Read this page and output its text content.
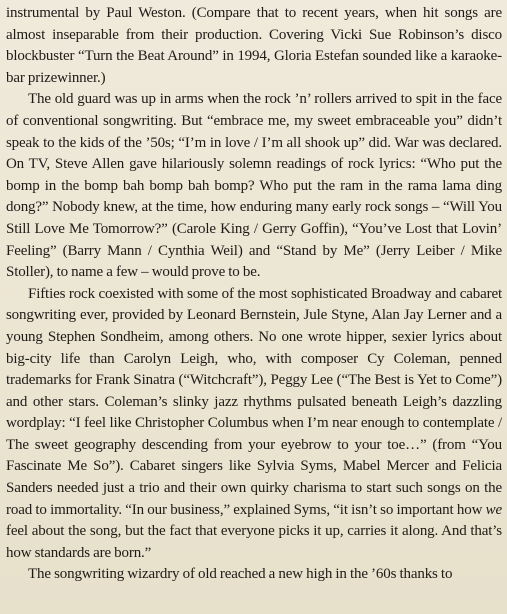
instrumental by Paul Weston. (Compare that to recent years, when hit songs are almost inseparable from their production. Covering Vicki Sue Robinson’s disco blockbuster “Turn the Beat Around” in 1994, Gloria Estefan sounded like a karaoke-bar prizewinner.)

The old guard was up in arms when the rock ’n’ rollers arrived to spit in the face of conventional songwriting. But “embrace me, my sweet embraceable you” didn’t speak to the kids of the ’50s; “I’m in love / I’m all shook up” did. War was declared. On TV, Steve Allen gave hilariously solemn readings of rock lyrics: “Who put the bomp in the bomp bah bomp bah bomp? Who put the ram in the rama lama ding dong?” Nobody knew, at the time, how enduring many early rock songs – “Will You Still Love Me Tomorrow?” (Carole King / Gerry Goffin), “You’ve Lost that Lovin’ Feeling” (Barry Mann / Cynthia Weil) and “Stand by Me” (Jerry Leiber / Mike Stoller), to name a few – would prove to be.

Fifties rock coexisted with some of the most sophisticated Broadway and cabaret songwriting ever, provided by Leonard Bernstein, Jule Styne, Alan Jay Lerner and a young Stephen Sondheim, among others. No one wrote hipper, sexier lyrics about big-city life than Carolyn Leigh, who, with composer Cy Coleman, penned trademarks for Frank Sinatra (“Witchcraft”), Peggy Lee (“The Best is Yet to Come”) and other stars. Coleman’s slinky jazz rhythms pulsated beneath Leigh’s dazzling wordplay: “I feel like Christopher Columbus when I’m near enough to contemplate / The sweet geography descending from your eyebrow to your toe…” (from “You Fascinate Me So”). Cabaret singers like Sylvia Syms, Mabel Mercer and Felicia Sanders needed just a trio and their own quirky charisma to start such songs on the road to immortality. “In our business,” explained Syms, “it isn’t so important how we feel about the song, but the fact that everyone picks it up, carries it along. And that’s how standards are born.”

The songwriting wizardry of old reached a new high in the ’60s thanks to
